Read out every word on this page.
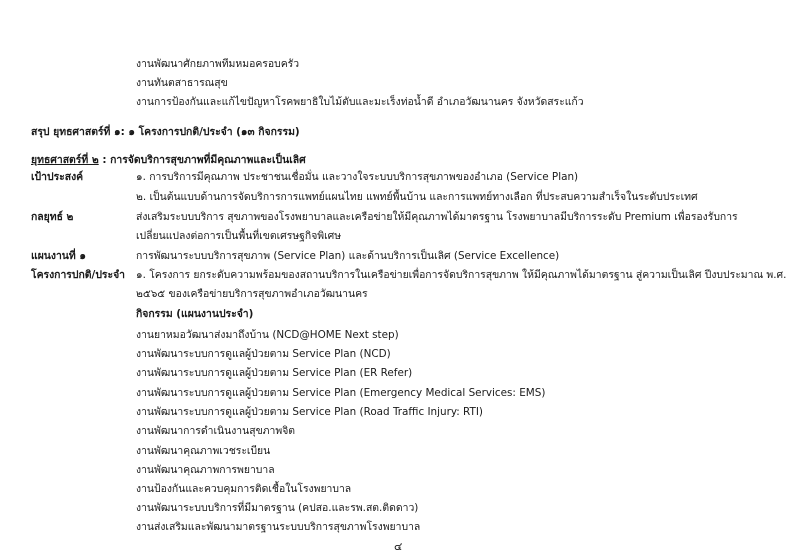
งานพัฒนาศักยภาพทีมหมอครอบครัว
งานทันตสาธารณสุข
งานการป้องกันและแก้ไขปัญหาโรคพยาธิใบไม้ตับและมะเร็งท่อน้ำดี อำเภอวัฒนานคร จังหวัดสระแก้ว
สรุป ยุทธศาสตร์ที่ ๑: ๑ โครงการปกติ/ประจำ (๑๓ กิจกรรม)
ยุทธศาสตร์ที่ ๒ : การจัดบริการสุขภาพที่มีคุณภาพและเป็นเลิศ
เป้าประสงค์	๑. การบริการมีคุณภาพ ประชาชนเชื่อมั่น และวางใจระบบบริการสุขภาพของอำเภอ (Service Plan)
๒. เป็นต้นแบบด้านการจัดบริการการแพทย์แผนไทย แพทย์พื้นบ้าน และการแพทย์ทางเลือก ที่ประสบความสำเร็จในระดับประเทศ
กลยุทธ์ ๒	ส่งเสริมระบบบริการ สุขภาพของโรงพยาบาลและเครือข่ายให้มีคุณภาพได้มาตรฐาน โรงพยาบาลมีบริการระดับ Premium เพื่อรองรับการ
เปลี่ยนแปลงต่อการเป็นพื้นที่เขตเศรษฐกิจพิเศษ
แผนงานที่ ๑	การพัฒนาระบบบริการสุขภาพ (Service Plan) และด้านบริการเป็นเลิศ (Service Excellence)
โครงการปกติ/ประจำ ๑. โครงการ ยกระดับความพร้อมของสถานบริการในเครือข่ายเพื่อการจัดบริการสุขภาพ ให้มีคุณภาพได้มาตรฐาน สู่ความเป็นเลิศ ปีงบประมาณ พ.ศ.
๒๕๖๕ ของเครือข่ายบริการสุขภาพอำเภอวัฒนานคร
กิจกรรม (แผนงานประจำ)
งานยาหมอวัฒนาส่งมาถึงบ้าน (NCD@HOME Next step)
งานพัฒนาระบบการดูแลผู้ป่วยตาม Service Plan (NCD)
งานพัฒนาระบบการดูแลผู้ป่วยตาม Service Plan (ER Refer)
งานพัฒนาระบบการดูแลผู้ป่วยตาม Service Plan (Emergency Medical Services: EMS)
งานพัฒนาระบบการดูแลผู้ป่วยตาม Service Plan (Road Traffic Injury: RTI)
งานพัฒนาการดำเนินงานสุขภาพจิต
งานพัฒนาคุณภาพเวชระเบียน
งานพัฒนาคุณภาพการพยาบาล
งานป้องกันและควบคุมการติดเชื้อในโรงพยาบาล
งานพัฒนาระบบบริการที่มีมาตรฐาน (คปสอ.และรพ.สต.ติดดาว)
งานส่งเสริมและพัฒนามาตรฐานระบบบริการสุขภาพโรงพยาบาล
๔
